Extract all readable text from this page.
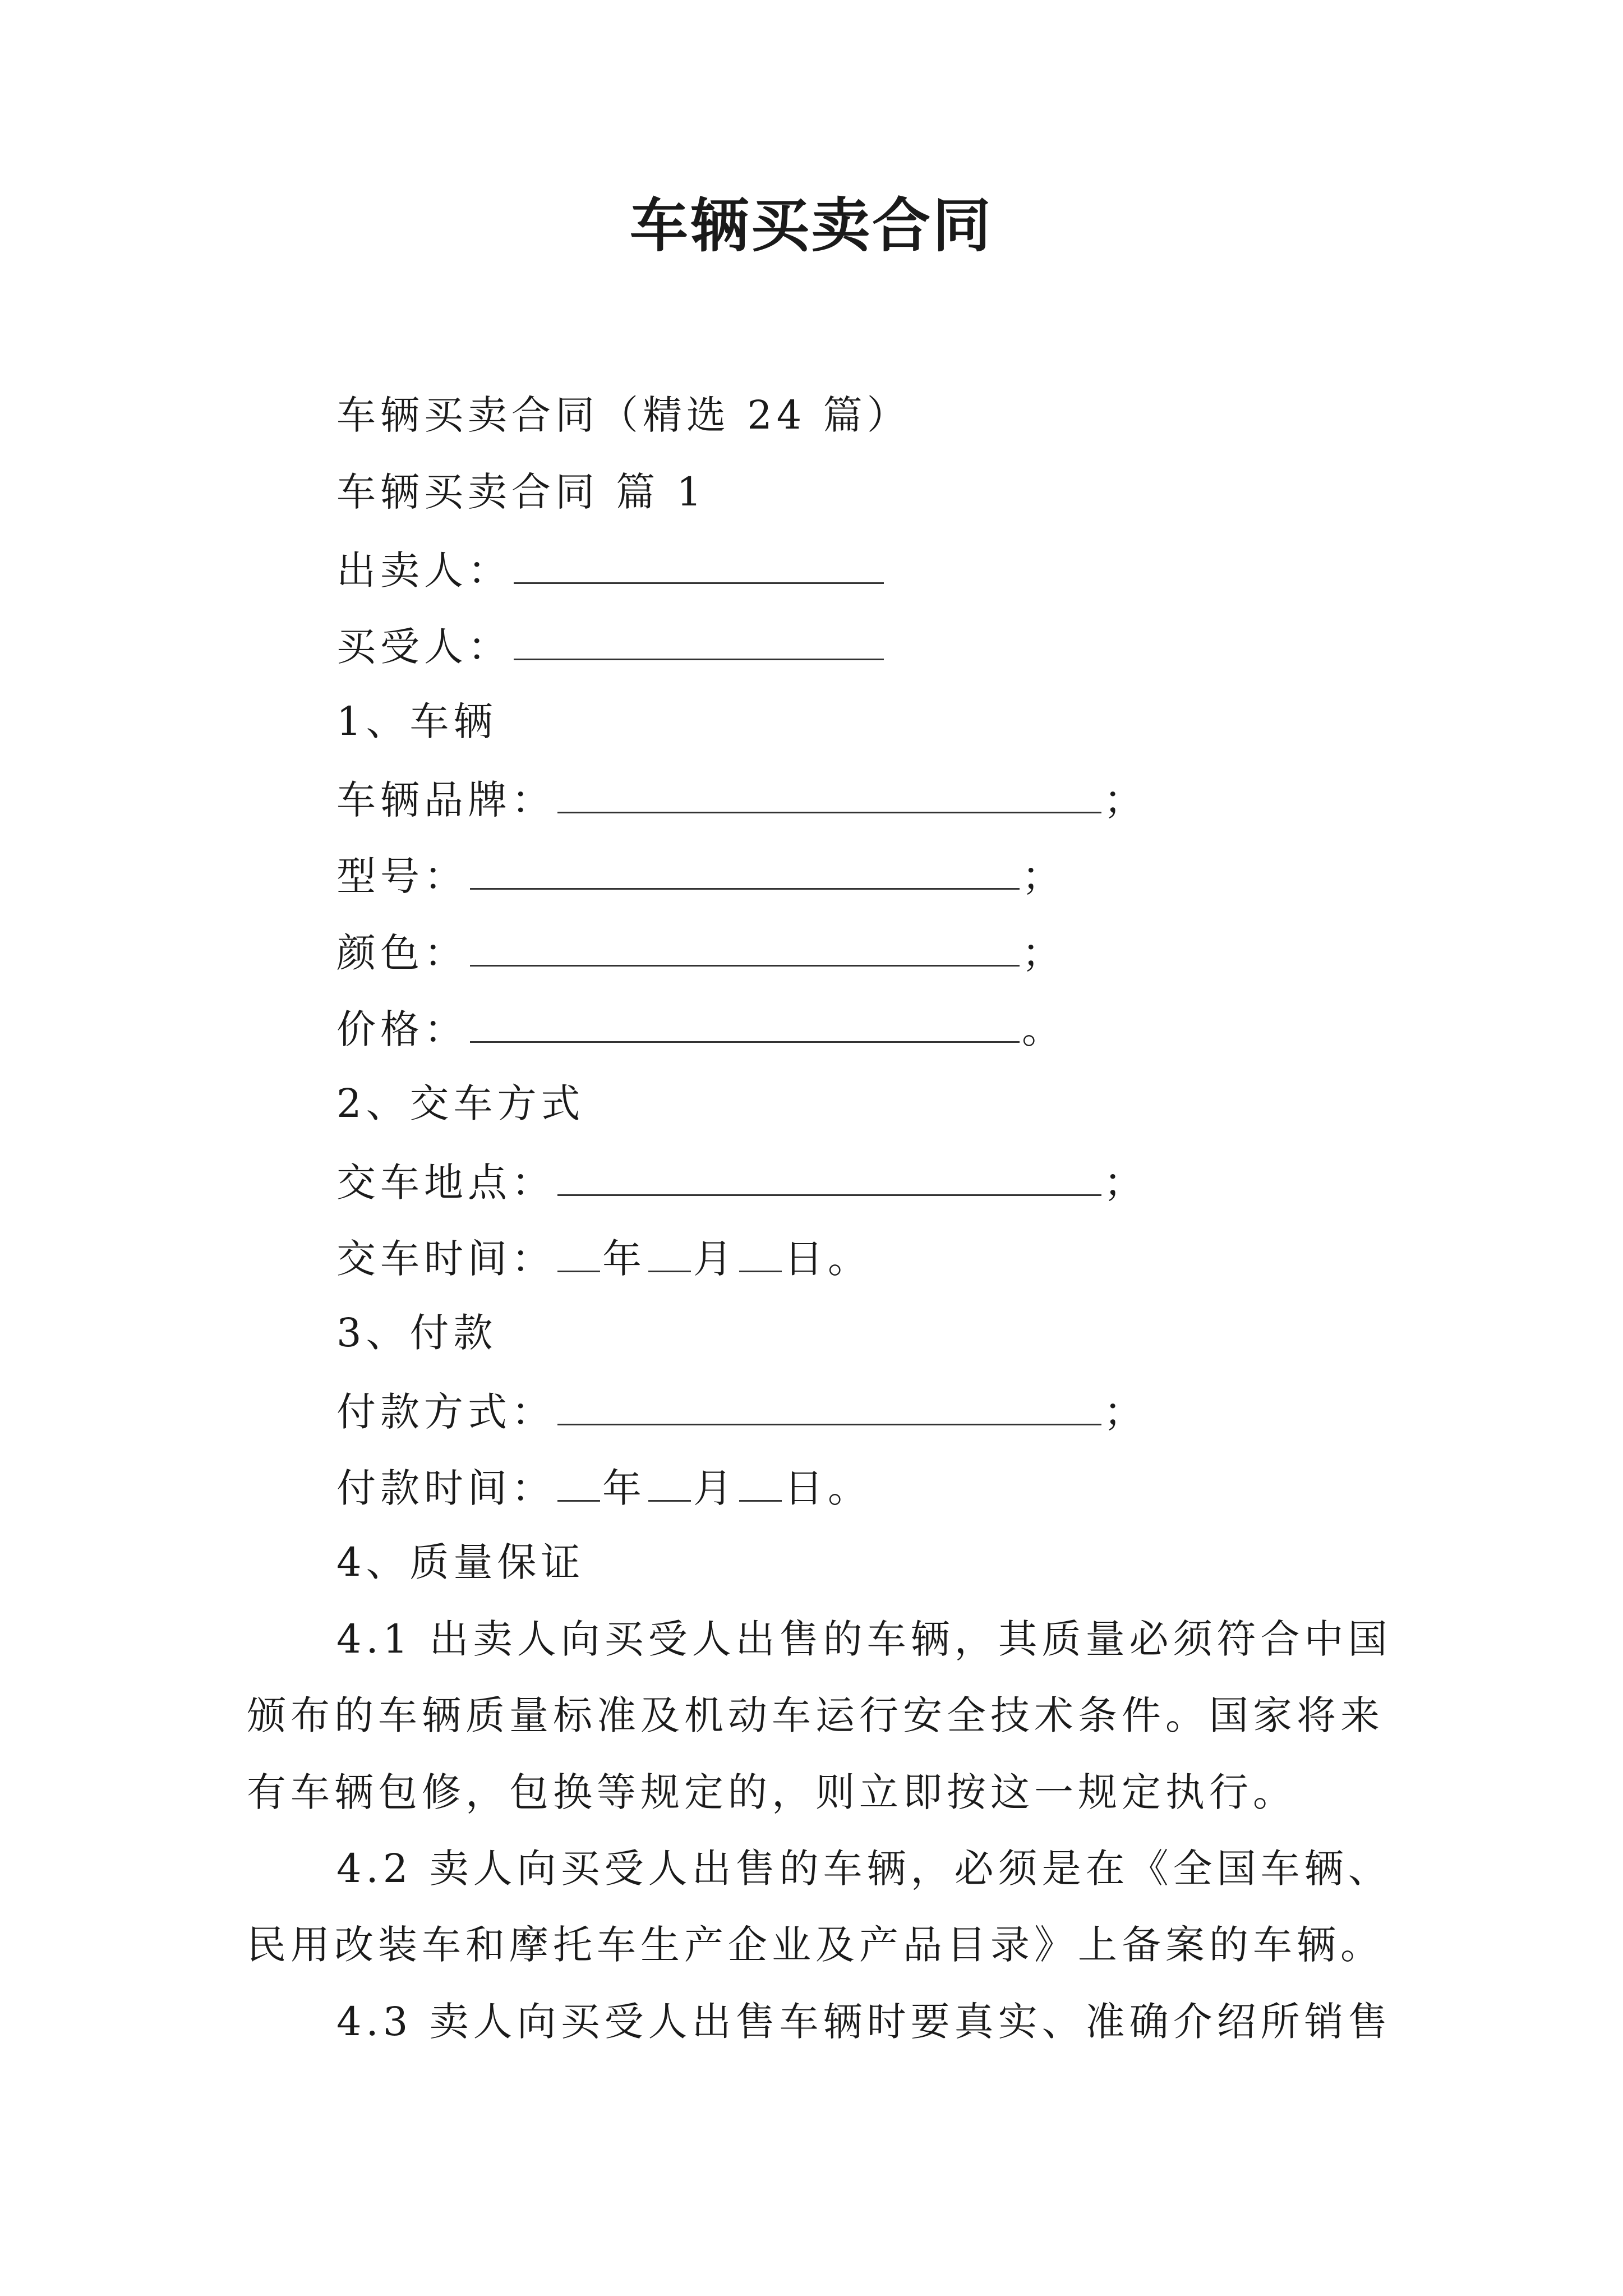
车辆买卖合同
车辆买卖合同（精选 24 篇）
车辆买卖合同 篇 1
出卖人：
买受人：
1、车辆
车辆品牌：	；
型号：	；
颜色：	；
价格：	。
2、交车方式
交车地点：	；
交车时间： 年 月 日。
3、付款
付款方式：	；
付款时间： 年 月 日。
4、质量保证
4.1 出卖人向买受人出售的车辆，其质量必须符合中国
颁布的车辆质量标准及机动车运行安全技术条件。国家将来
有车辆包修，包换等规定的，则立即按这一规定执行。
4.2 卖人向买受人出售的车辆，必须是在《全国车辆、
民用改装车和摩托车生产企业及产品目录》上备案的车辆。
4.3 卖人向买受人出售车辆时要真实、准确介绍所销售
